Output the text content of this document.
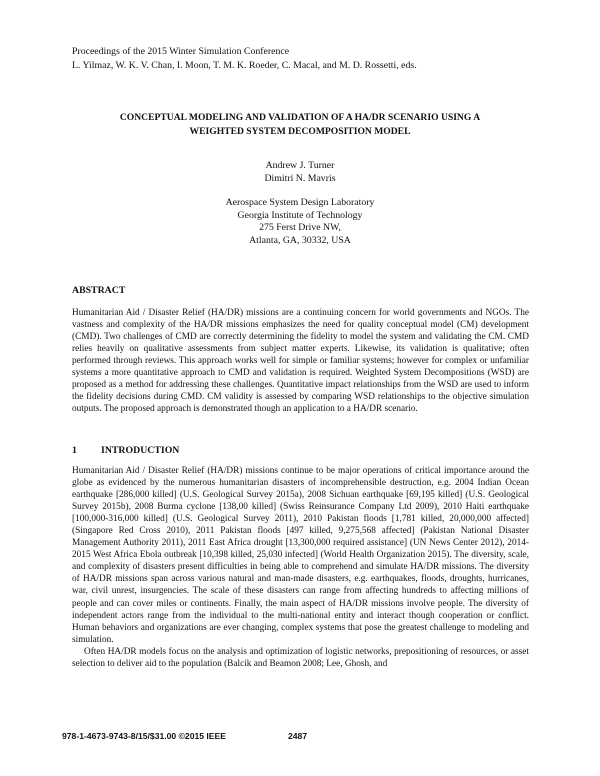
Proceedings of the 2015 Winter Simulation Conference
L. Yilmaz, W. K. V. Chan, I. Moon, T. M. K. Roeder, C. Macal, and M. D. Rossetti, eds.
CONCEPTUAL MODELING AND VALIDATION OF A HA/DR SCENARIO USING A
WEIGHTED SYSTEM DECOMPOSITION MODEL
Andrew J. Turner
Dimitri N. Mavris
Aerospace System Design Laboratory
Georgia Institute of Technology
275 Ferst Drive NW,
Atlanta, GA, 30332, USA
ABSTRACT
Humanitarian Aid / Disaster Relief (HA/DR) missions are a continuing concern for world governments and NGOs. The vastness and complexity of the HA/DR missions emphasizes the need for quality conceptual model (CM) development (CMD). Two challenges of CMD are correctly determining the fidelity to model the system and validating the CM. CMD relies heavily on qualitative assessments from subject matter experts. Likewise, its validation is qualitative; often performed through reviews. This approach works well for simple or familiar systems; however for complex or unfamiliar systems a more quantitative approach to CMD and validation is required. Weighted System Decompositions (WSD) are proposed as a method for addressing these challenges. Quantitative impact relationships from the WSD are used to inform the fidelity decisions during CMD. CM validity is assessed by comparing WSD relationships to the objective simulation outputs. The proposed approach is demonstrated though an application to a HA/DR scenario.
1 INTRODUCTION

Humanitarian Aid / Disaster Relief (HA/DR) missions continue to be major operations of critical importance around the globe as evidenced by the numerous humanitarian disasters of incomprehensible destruction, e.g. 2004 Indian Ocean earthquake [286,000 killed] (U.S. Geological Survey 2015a), 2008 Sichuan earthquake [69,195 killed] (U.S. Geological Survey 2015b), 2008 Burma cyclone [138,00 killed] (Swiss Reinsurance Company Ltd 2009), 2010 Haiti earthquake [100,000-316,000 killed] (U.S. Geological Survey 2011), 2010 Pakistan floods [1,781 killed, 20,000,000 affected] (Singapore Red Cross 2010), 2011 Pakistan floods [497 killed, 9,275,568 affected] (Pakistan National Disaster Management Authority 2011), 2011 East Africa drought [13,300,000 required assistance] (UN News Center 2012), 2014-2015 West Africa Ebola outbreak [10,398 killed, 25,030 infected] (World Health Organization 2015). The diversity, scale, and complexity of disasters present difficulties in being able to comprehend and simulate HA/DR missions. The diversity of HA/DR missions span across various natural and man-made disasters, e.g. earthquakes, floods, droughts, hurricanes, war, civil unrest, insurgencies. The scale of these disasters can range from affecting hundreds to affecting millions of people and can cover miles or continents. Finally, the main aspect of HA/DR missions involve people. The diversity of independent actors range from the individual to the multi-national entity and interact though cooperation or conflict. Human behaviors and organizations are ever changing, complex systems that pose the greatest challenge to modeling and simulation.

Often HA/DR models focus on the analysis and optimization of logistic networks, prepositioning of resources, or asset selection to deliver aid to the population (Balcik and Beamon 2008; Lee, Ghosh, and

978-1-4673-9743-8/15/$31.00 ©2015 IEEE	2487
